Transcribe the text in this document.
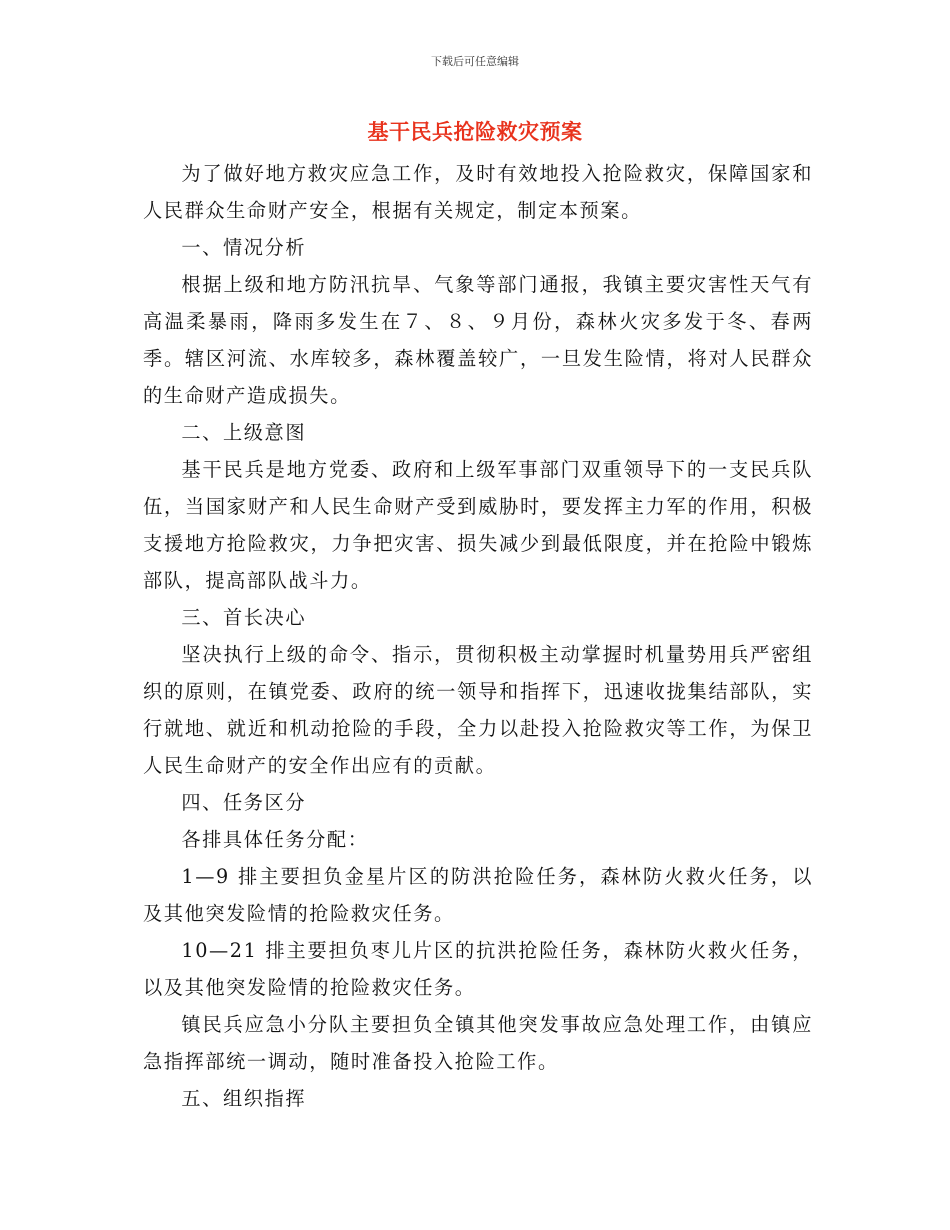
下载后可任意编辑
基干民兵抢险救灾预案

为了做好地方救灾应急工作，及时有效地投入抢险救灾，保障国家和人民群众生命财产安全，根据有关规定，制定本预案。

一、情况分析

根据上级和地方防汛抗旱、气象等部门通报，我镇主要灾害性天气有高温柔暴雨，降雨多发生在７、８、９月份，森林火灾多发于冬、春两季。辖区河流、水库较多，森林覆盖较广，一旦发生险情，将对人民群众的生命财产造成损失。

二、上级意图

基干民兵是地方党委、政府和上级军事部门双重领导下的一支民兵队伍，当国家财产和人民生命财产受到威胁时，要发挥主力军的作用，积极支援地方抢险救灾，力争把灾害、损失减少到最低限度，并在抢险中锻炼部队，提高部队战斗力。

三、首长决心

坚决执行上级的命令、指示，贯彻积极主动掌握时机量势用兵严密组织的原则，在镇党委、政府的统一领导和指挥下，迅速收拢集结部队，实行就地、就近和机动抢险的手段，全力以赴投入抢险救灾等工作，为保卫人民生命财产的安全作出应有的贡献。

四、任务区分

各排具体任务分配：

1—9 排主要担负金星片区的防洪抢险任务，森林防火救火任务，以及其他突发险情的抢险救灾任务。

10—21 排主要担负枣儿片区的抗洪抢险任务，森林防火救火任务，以及其他突发险情的抢险救灾任务。

镇民兵应急小分队主要担负全镇其他突发事故应急处理工作，由镇应急指挥部统一调动，随时准备投入抢险工作。

五、组织指挥
